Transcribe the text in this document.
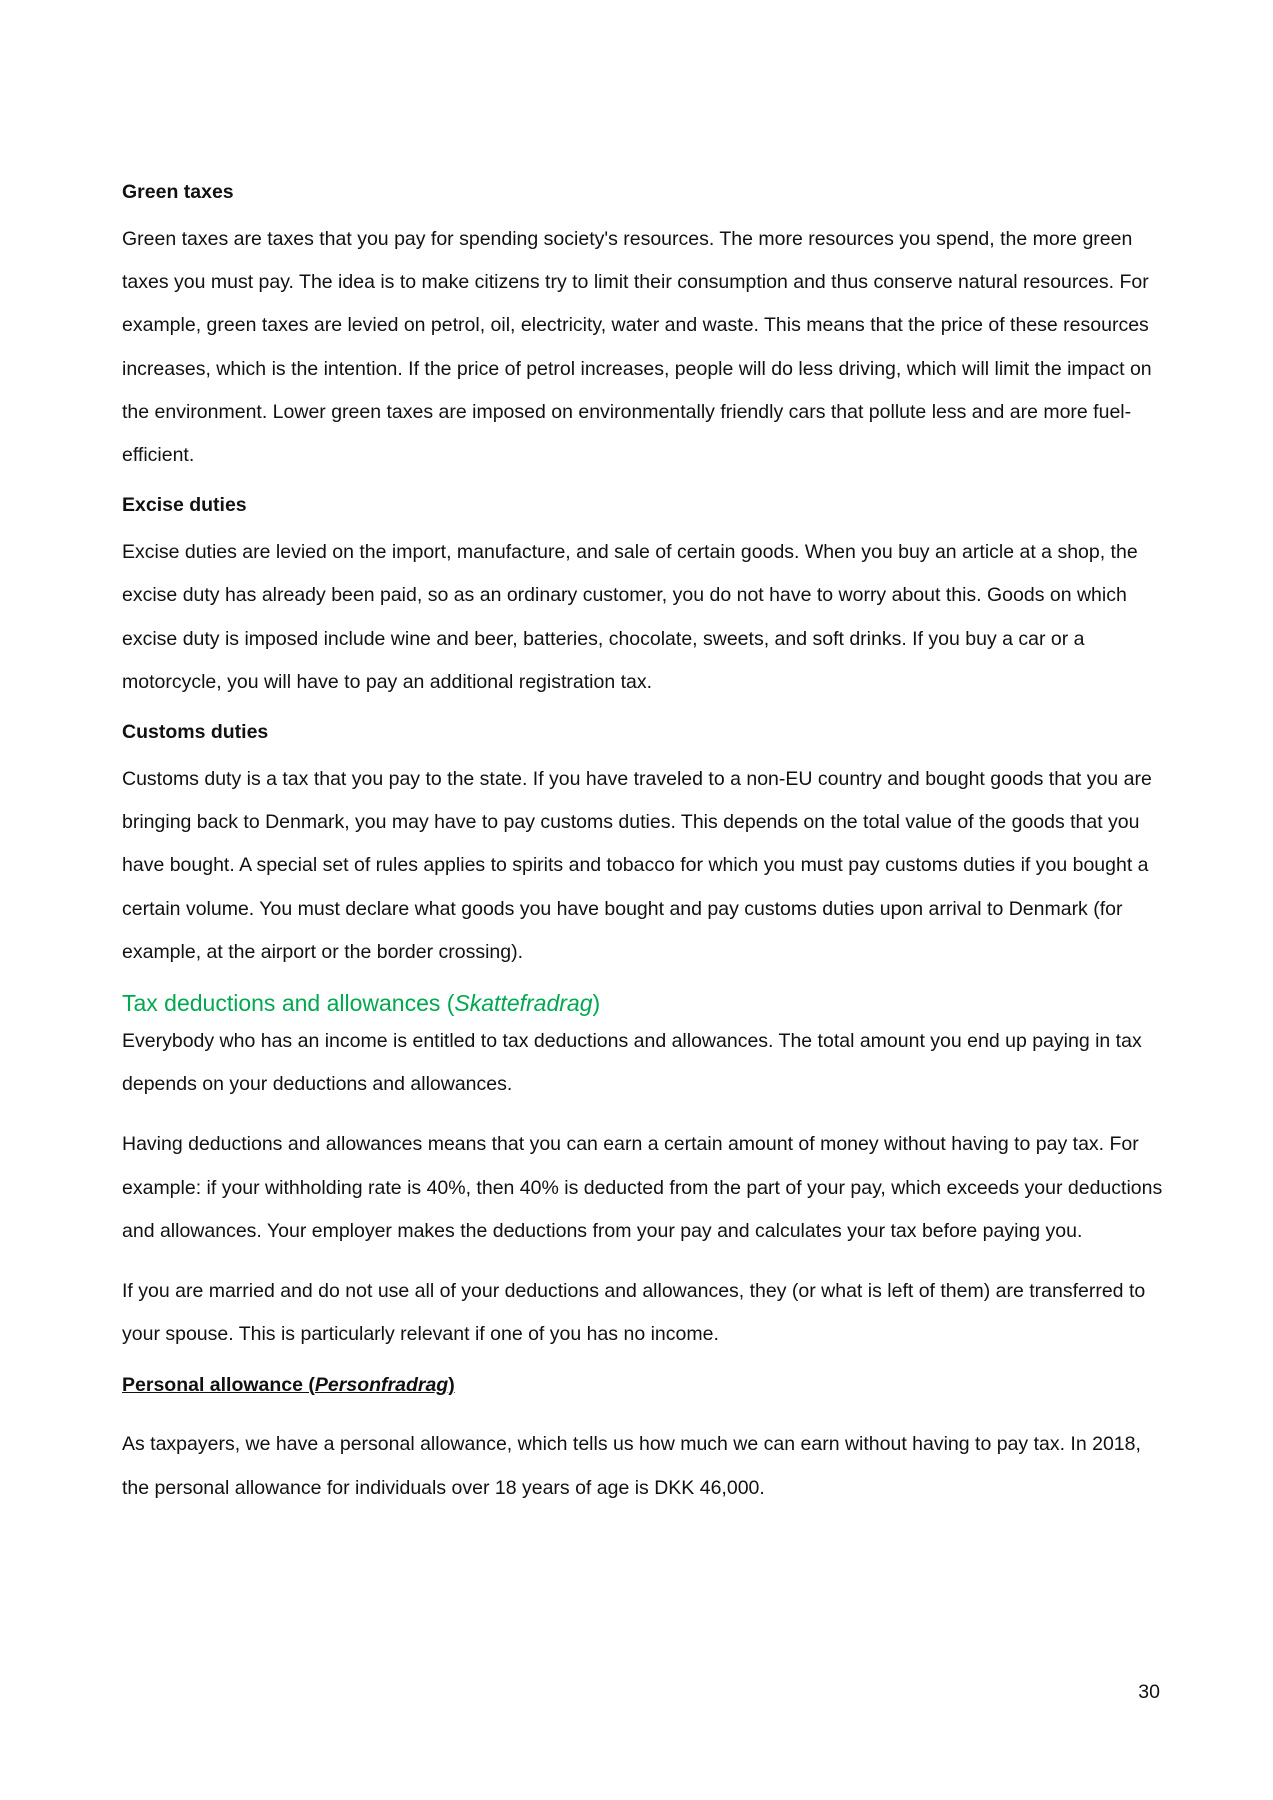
Green taxes

Green taxes are taxes that you pay for spending society's resources. The more resources you spend, the more green taxes you must pay. The idea is to make citizens try to limit their consumption and thus conserve natural resources. For example, green taxes are levied on petrol, oil, electricity, water and waste. This means that the price of these resources increases, which is the intention. If the price of petrol increases, people will do less driving, which will limit the impact on the environment. Lower green taxes are imposed on environmentally friendly cars that pollute less and are more fuel-efficient.

Excise duties

Excise duties are levied on the import, manufacture, and sale of certain goods. When you buy an article at a shop, the excise duty has already been paid, so as an ordinary customer, you do not have to worry about this. Goods on which excise duty is imposed include wine and beer, batteries, chocolate, sweets, and soft drinks. If you buy a car or a motorcycle, you will have to pay an additional registration tax.

Customs duties

Customs duty is a tax that you pay to the state. If you have traveled to a non-EU country and bought goods that you are bringing back to Denmark, you may have to pay customs duties. This depends on the total value of the goods that you have bought. A special set of rules applies to spirits and tobacco for which you must pay customs duties if you bought a certain volume. You must declare what goods you have bought and pay customs duties upon arrival to Denmark (for example, at the airport or the border crossing).

Tax deductions and allowances (Skattefradrag)

Everybody who has an income is entitled to tax deductions and allowances. The total amount you end up paying in tax depends on your deductions and allowances.

Having deductions and allowances means that you can earn a certain amount of money without having to pay tax. For example: if your withholding rate is 40%, then 40% is deducted from the part of your pay, which exceeds your deductions and allowances. Your employer makes the deductions from your pay and calculates your tax before paying you.

If you are married and do not use all of your deductions and allowances, they (or what is left of them) are transferred to your spouse. This is particularly relevant if one of you has no income.

Personal allowance (Personfradrag)

As taxpayers, we have a personal allowance, which tells us how much we can earn without having to pay tax. In 2018, the personal allowance for individuals over 18 years of age is DKK 46,000.

30
